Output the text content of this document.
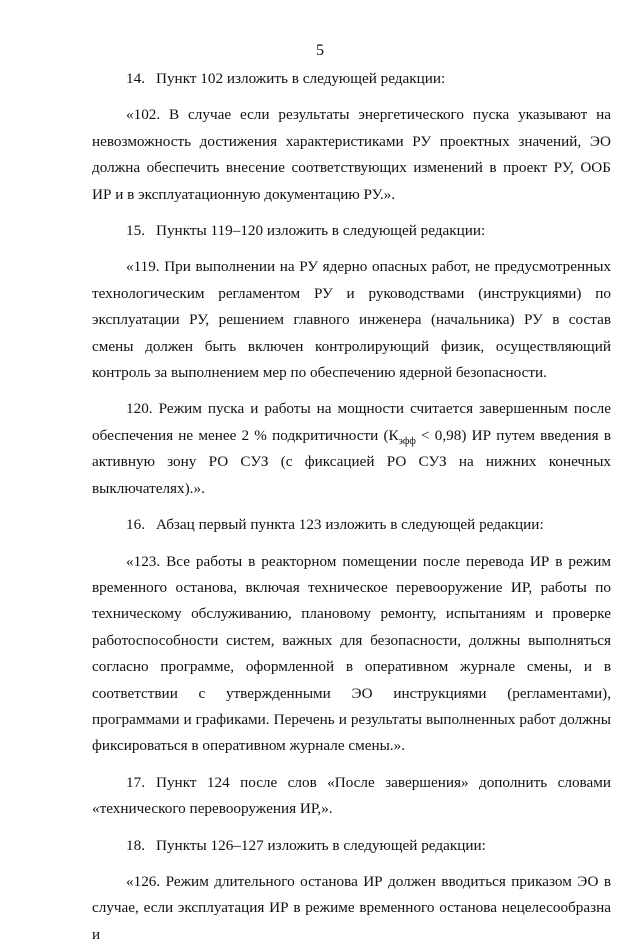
5

14. Пункт 102 изложить в следующей редакции:

«102. В случае если результаты энергетического пуска указывают на невозможность достижения характеристиками РУ проектных значений, ЭО должна обеспечить внесение соответствующих изменений в проект РУ, ООБ ИР и в эксплуатационную документацию РУ.».

15. Пункты 119–120 изложить в следующей редакции:

«119. При выполнении на РУ ядерно опасных работ, не предусмотренных технологическим регламентом РУ и руководствами (инструкциями) по эксплуатации РУ, решением главного инженера (начальника) РУ в состав смены должен быть включен контролирующий физик, осуществляющий контроль за выполнением мер по обеспечению ядерной безопасности.

120. Режим пуска и работы на мощности считается завершенным после обеспечения не менее 2 % подкритичности $(К_{эфф} < 0,98)$ ИР путем введения в активную зону РО СУЗ (с фиксацией РО СУЗ на нижних конечных выключателях).».

16. Абзац первый пункта 123 изложить в следующей редакции:

«123. Все работы в реакторном помещении после перевода ИР в режим временного останова, включая техническое перевооружение ИР, работы по техническому обслуживанию, плановому ремонту, испытаниям и проверке работоспособности систем, важных для безопасности, должны выполняться согласно программе, оформленной в оперативном журнале смены, и в соответствии с утвержденными ЭО инструкциями (регламентами), программами и графиками. Перечень и результаты выполненных работ должны фиксироваться в оперативном журнале смены.».

17. Пункт 124 после слов «После завершения» дополнить словами «технического перевооружения ИР,».

18. Пункты 126–127 изложить в следующей редакции:

«126. Режим длительного останова ИР должен вводиться приказом ЭО в случае, если эксплуатация ИР в режиме временного останова нецелесообразна и
